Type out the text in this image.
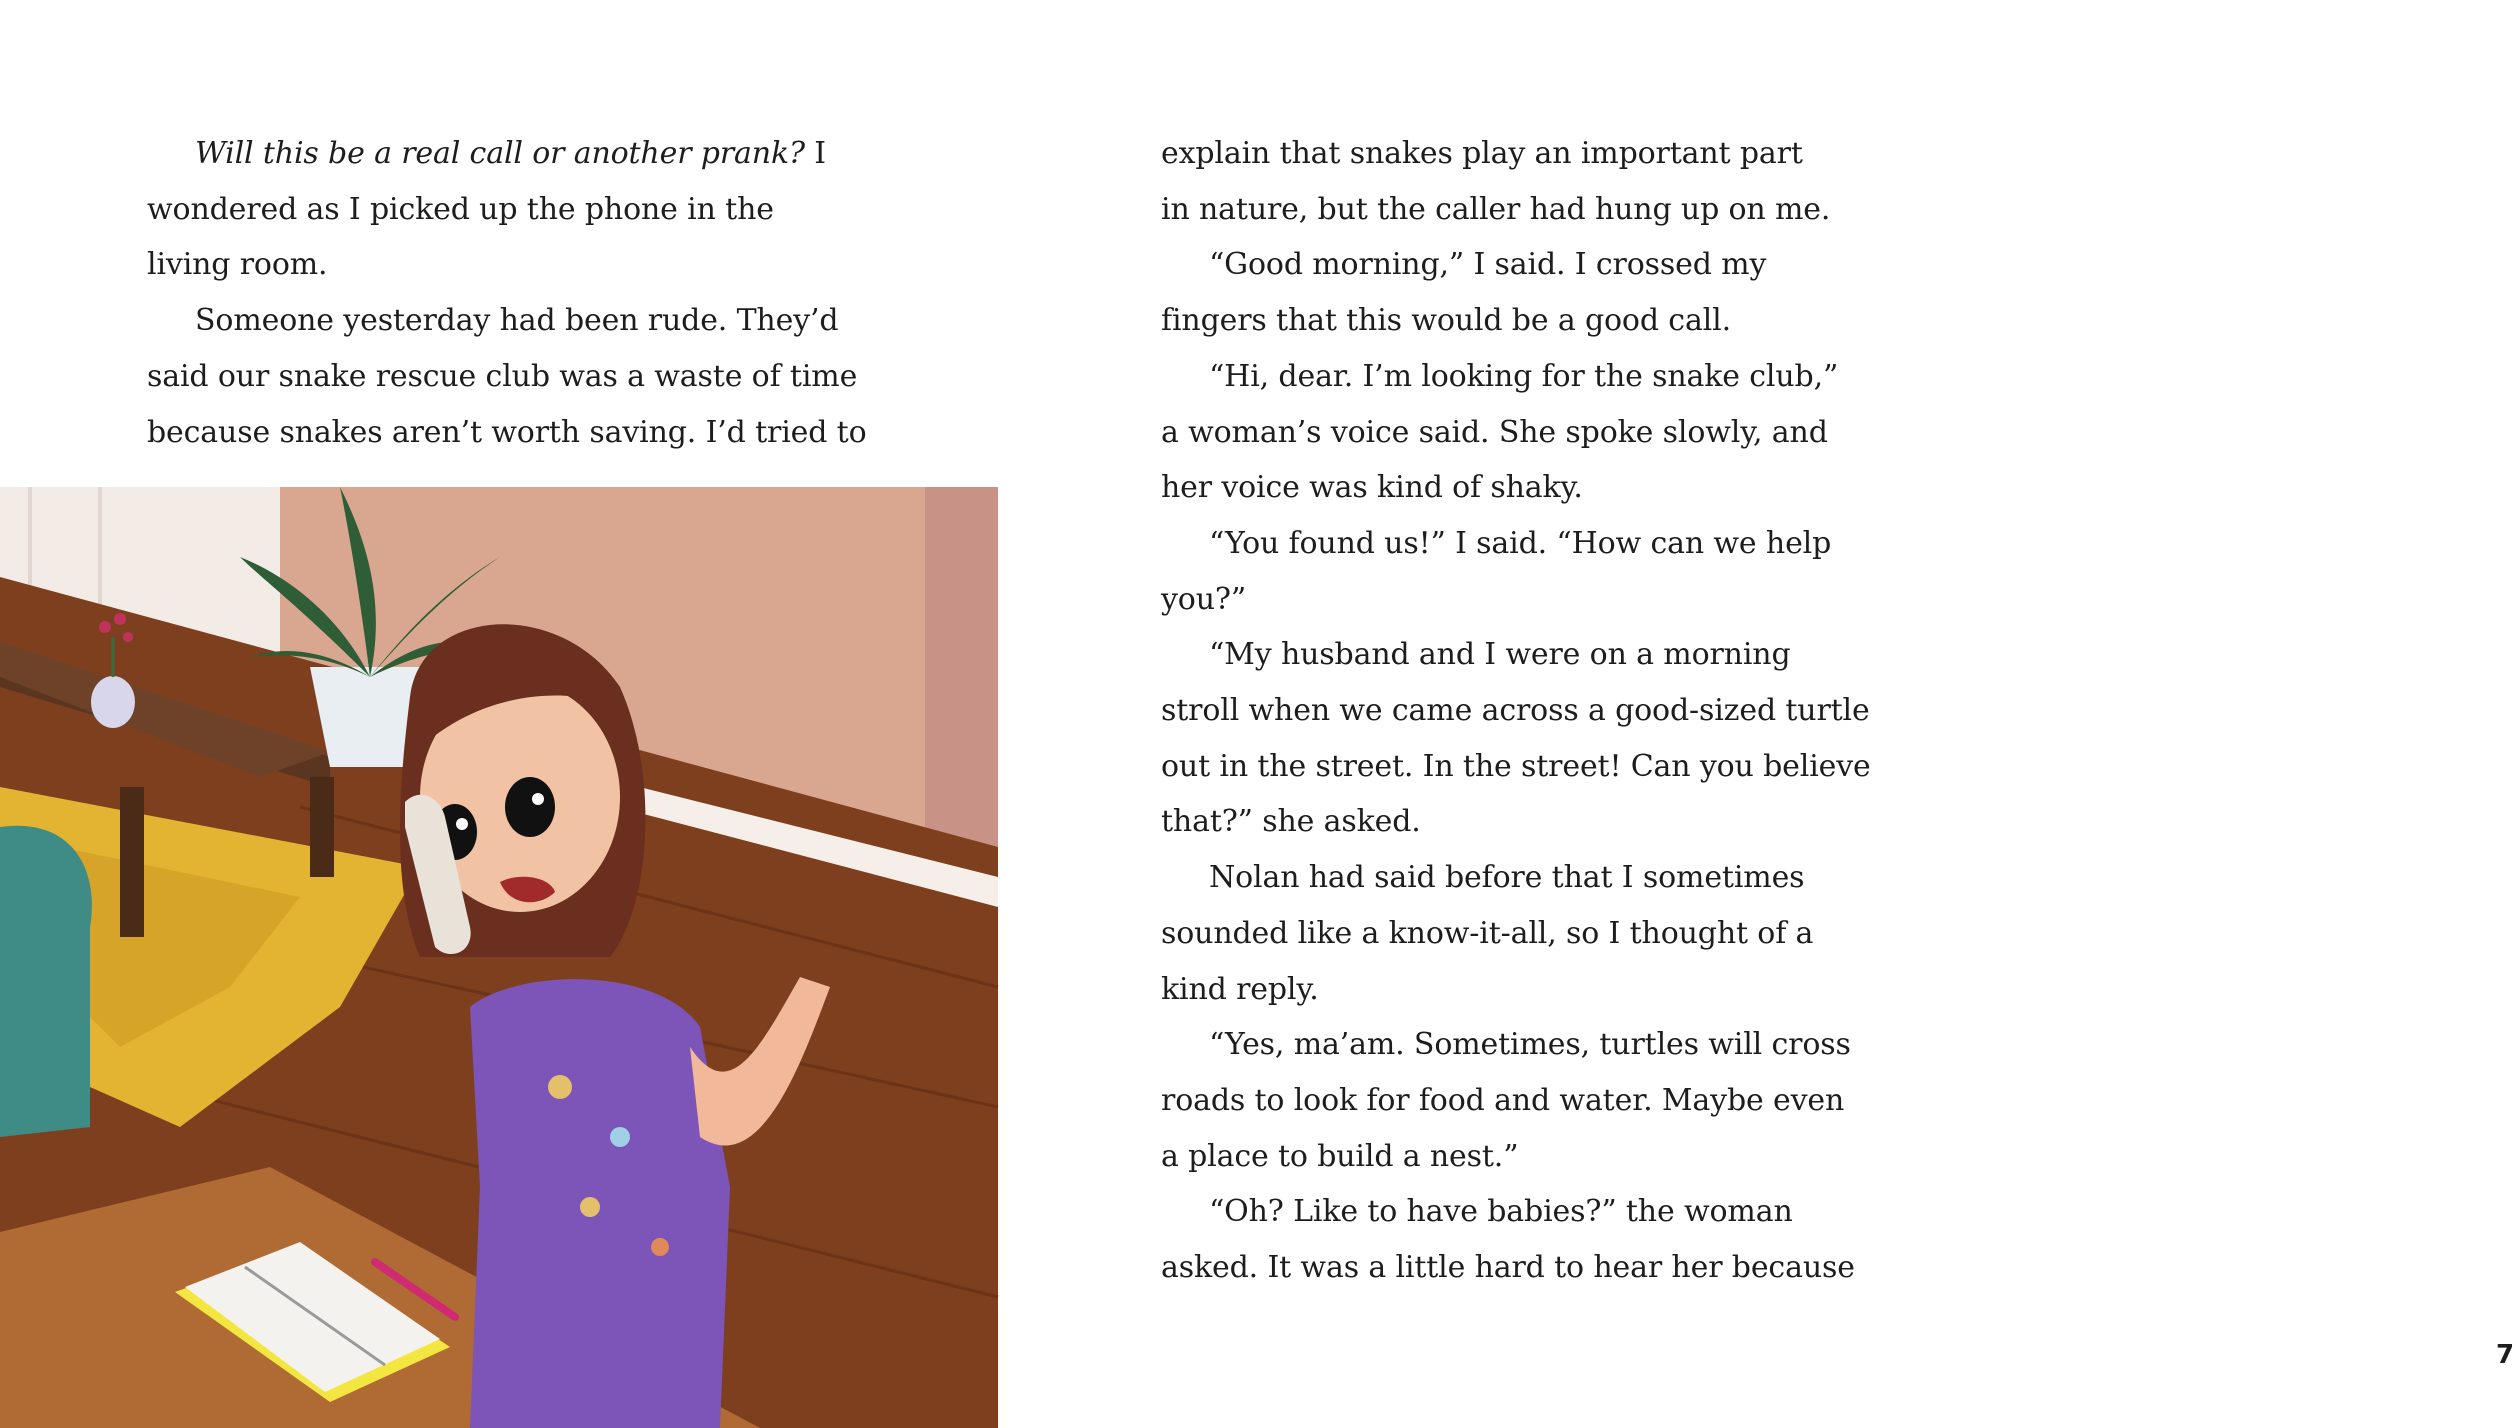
Will this be a real call or another prank? I

wondered as I picked up the phone in the

living room.

Someone yesterday had been rude. They’d

said our snake rescue club was a waste of time

because snakes aren’t worth saving. I’d tried to

explain that snakes play an important part

in nature, but the caller had hung up on me.

“Good morning,” I said. I crossed my

fingers that this would be a good call.

“Hi, dear. I’m looking for the snake club,”

a woman’s voice said. She spoke slowly, and

her voice was kind of shaky.

“You found us!” I said. “How can we help

you?”

“My husband and I were on a morning

stroll when we came across a good-sized turtle

out in the street. In the street! Can you believe

that?” she asked.

Nolan had said before that I sometimes

sounded like a know-it-all, so I thought of a

kind reply.

“Yes, ma’am. Sometimes, turtles will cross

roads to look for food and water. Maybe even

a place to build a nest.”

“Oh? Like to have babies?” the woman

asked. It was a little hard to hear her because

7
